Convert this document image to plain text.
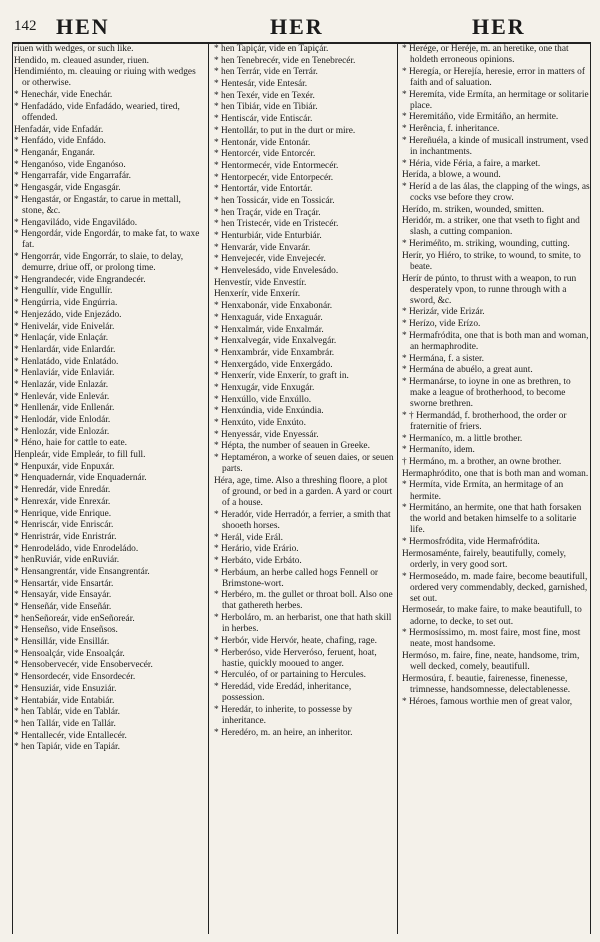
142 HEN	HER	HER

riuen with wedges, or such like.

Hendido, m. cleaued asunder, riuen.

Hendimiénto, m. cleauing or riuing with wedges or otherwise.

* Henechár, vide Enechár.

* Henfadádo, vide Enfadádo, wearied, tired, offended.

Henfadár, vide Enfadár.

* Henfádo, vide Enfádo.

* Henganár, Enganár.

* Henganóso, vide Enganóso.

* Hengarrafár, vide Engarrafár.

* Hengasgár, vide Engasgár.

* Hengastár, or Engastár, to carue in mettall, stone, &c.

* Hengaviládo, vide Engaviládo.

* Hengordár, vide Engordár, to make fat, to waxe fat.

* Hengorrár, vide Engorrár, to slaie, to delay, demurre, driue off, or prolong time.

* Hengrandecér, vide Engrandecér.

* Hengullír, vide Engullír.

* Hengúrria, vide Engúrria.

* Henjezádo, vide Enjezádo.

* Henivelár, vide Enivelár.

* Henlaçár, vide Enlaçár.

* Henlardár, vide Enlardár.

* Henlatádo, vide Enlatádo.

* Henlaviár, vide Enlaviár.

* Henlazár, vide Enlazár.

* Henlevár, vide Enlevár.

* Henllenár, vide Enllenár.

* Henlodár, vide Enlodár.

* Henlozár, vide Enlozár.

* Héno, haie for cattle to eate.

Henpleár, vide Empleár, to fill full.

* Henpuxár, vide Enpuxár.

* Henquadernár, vide Enquadernár.

* Henredár, vide Enredár.

* Henrexár, vide Enrexár.

* Henrique, vide Enrique.

* Henriscár, vide Enriscár.

* Henristrár, vide Enristrár.

* Henrodeládo, vide Enrodeládo.

* henRuviár, vide enRuviár.

* Hensangrentár, vide Ensangrentár.

* Hensartár, vide Ensartár.

* Hensayár, vide Ensayár.

* Henseñár, vide Enseñár.

* henSeñoreár, vide enSeñoreár.

* Henseñso, vide Enseñsos.

* Hensillár, vide Ensillár.

* Hensoalçár, vide Ensoalçár.

* Hensobervecér, vide Ensobervecér.

* Hensordecér, vide Ensordecér.

* Hensuziár, vide Ensuziár.

* Hentabiár, vide Entabiár.

* hen Tablár, vide en Tablár.

* hen Tallár, vide en Tallár.

* Hentallecér, vide Entallecér.

* hen Tapiár, vide en Tapiár.

* hen Tapiçár, vide en Tapiçár.

* hen Tenebrecér, vide en Tenebrecér.

* hen Terrár, vide en Terrár.

* Hentesár, vide Entesár.

* hen Texér, vide en Texér.

* hen Tibiár, vide en Tibiár.

* Hentiscár, vide Entiscár.

* Hentollár, to put in the durt or mire.

* Hentonár, vide Entonár.

* Hentorcér, vide Entorcér.

* Hentormecér, vide Entormecér.

* Hentorpecér, vide Entorpecér.

* Hentortár, vide Entortár.

* hen Tossicár, vide en Tossicár.

* hen Traçár, vide en Traçár.

* hen Tristecér, vide en Tristecér.

* Henturbiár, vide Enturbiár.

* Henvarár, vide Envarár.

* Henvejecér, vide Envejecér.

* Henvelesádo, vide Envelesádo.

Henvestír, vide Envestír.

Henxerír, vide Enxerír.

* Henxabonár, vide Enxabonár.

* Henxaguár, vide Enxaguár.

* Henxalmár, vide Enxalmár.

* Henxalvegár, vide Enxalvegár.

* Henxambrár, vide Enxambrár.

* Henxergádo, vide Enxergádo.

* Henxerír, vide Enxerír, to graft in.

* Henxugár, vide Enxugár.

* Henxúllo, vide Enxúllo.

* Henxúndia, vide Enxúndia.

* Henxúto, vide Enxúto.

* Henyessár, vide Enyessár.

* Hépta, the number of seauen in Greeke.

* Heptaméron, a worke of seuen daies, or seuen parts.

Héra, age, time. Also a threshing floore, a plot of ground, or bed in a garden. A yard or court of a house.

* Heradór, vide Herradór, a ferrier, a smith that shooeth horses.

* Herál, vide Erál.

* Herário, vide Erário.

* Herbáto, vide Erbáto.

* Herbáum, an herbe called hogs Fennell or Brimstone-wort.

* Herbéro, m. the gullet or throat boll. Also one that gathereth herbes.

* Herboláro, m. an herbarist, one that hath skill in herbes.

* Herbór, vide Hervór, heate, chafing, rage.

* Herberóso, vide Herveróso, feruent, hoat, hastie, quickly mooued to anger.

* Herculéo, of or partaining to Hercules.

* Heredád, vide Eredád, inheritance, possession.

* Heredár, to inherite, to possesse by inheritance.

* Heredéro, m. an heire, an inheritor.

* Herége, or Heréje, m. an heretike, one that holdeth erroneous opinions.

* Heregía, or Herejía, heresie, error in matters of faith and of saluation.

* Heremíta, vide Ermíta, an hermitage or solitarie place.

* Heremitáño, vide Ermitáño, an hermite.

* Herência, f. inheritance.

* Hereñuéla, a kinde of musicall instrument, vsed in inchantments.

* Héria, vide Féria, a faire, a market.

Herída, a blowe, a wound.

* Heríd a de las álas, the clapping of the wings, as cocks vse before they crow.

Herído, m. striken, wounded, smitten.

Heridór, m. a striker, one that vseth to fight and slash, a cutting companion.

* Heriméñto, m. striking, wounding, cutting.

Herír, yo Hiéro, to strike, to wound, to smite, to beate.

Herír de púnto, to thrust with a weapon, to run desperately vpon, to runne through with a sword, &c.

* Herizár, vide Erizár.

* Herízo, vide Erízo.

* Hermafródita, one that is both man and woman, an hermaphrodite.

* Hermána, f. a sister.

* Hermána de abuélo, a great aunt.

* Hermanárse, to ioyne in one as brethren, to make a league of brotherhood, to become sworne brethren.

* † Hermandád, f. brotherhood, the order or fraternitie of friers.

* Hermaníco, m. a little brother.

* Hermaníto, idem.

† Hermáno, m. a brother, an owne brother.

Hermaphródito, one that is both man and woman.

* Hermíta, vide Ermíta, an hermitage of an hermite.

* Hermitáno, an hermite, one that hath forsaken the world and betaken himselfe to a solitarie life.

* Hermosfródita, vide Hermafródita.

Hermosaménte, fairely, beautifully, comely, orderly, in very good sort.

* Hermoseádo, m. made faire, become beautifull, ordered very commendably, decked, garnished, set out.

Hermoseár, to make faire, to make beautifull, to adorne, to decke, to set out.

* Hermosíssimo, m. most faire, most fine, most neate, most handsome.

Hermóso, m. faire, fine, neate, handsome, trim, well decked, comely, beautifull.

Hermosúra, f. beautie, fairenesse, finenesse, trimnesse, handsomnesse, delectablenesse.

* Héroes, famous worthie men of great valor,
